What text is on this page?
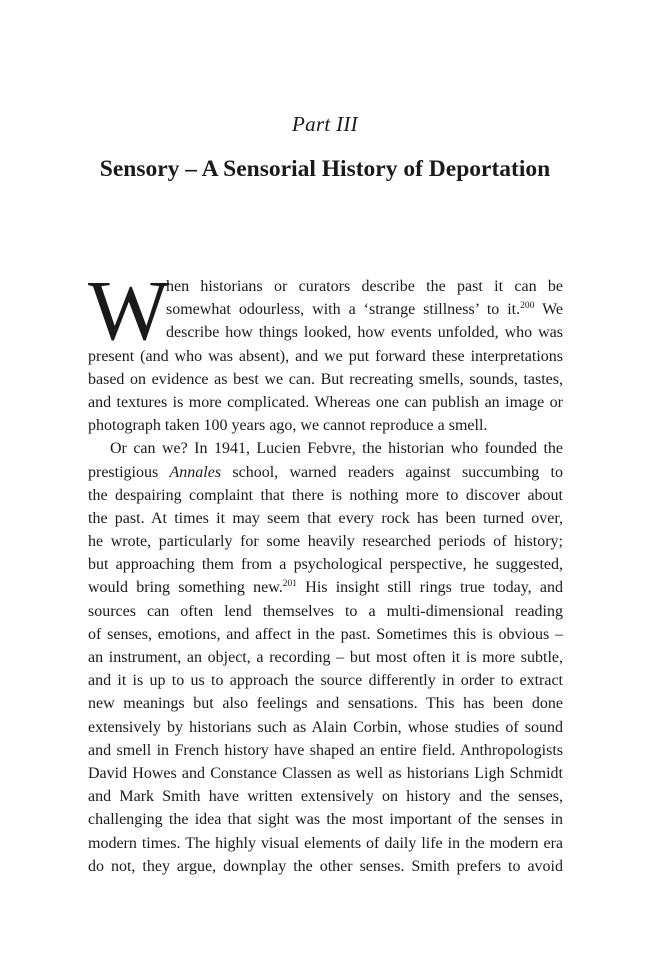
Part III
Sensory – A Sensorial History of Deportation
W
hen historians or curators describe the past it can be
somewhat odourless, with a ‘strange stillness’ to it.$^{200}$ We
describe how things looked, how events unfolded, who was
present (and who was absent), and we put forward these interpretations
based on evidence as best we can. But recreating smells, sounds, tastes,
and textures is more complicated. Whereas one can publish an image or
photograph taken 100 years ago, we cannot reproduce a smell.
Or can we? In 1941, Lucien Febvre, the historian who founded the
prestigious Annales school, warned readers against succumbing to
the despairing complaint that there is nothing more to discover about
the past. At times it may seem that every rock has been turned over,
he wrote, particularly for some heavily researched periods of history;
but approaching them from a psychological perspective, he suggested,
would bring something new.$^{201}$ His insight still rings true today, and
sources can often lend themselves to a multi-dimensional reading
of senses, emotions, and affect in the past. Sometimes this is obvious –
an instrument, an object, a recording – but most often it is more subtle,
and it is up to us to approach the source differently in order to extract
new meanings but also feelings and sensations. This has been done
extensively by historians such as Alain Corbin, whose studies of sound
and smell in French history have shaped an entire field. Anthropologists
David Howes and Constance Classen as well as historians Ligh Schmidt
and Mark Smith have written extensively on history and the senses,
challenging the idea that sight was the most important of the senses in
modern times. The highly visual elements of daily life in the modern era
do not, they argue, downplay the other senses. Smith prefers to avoid
